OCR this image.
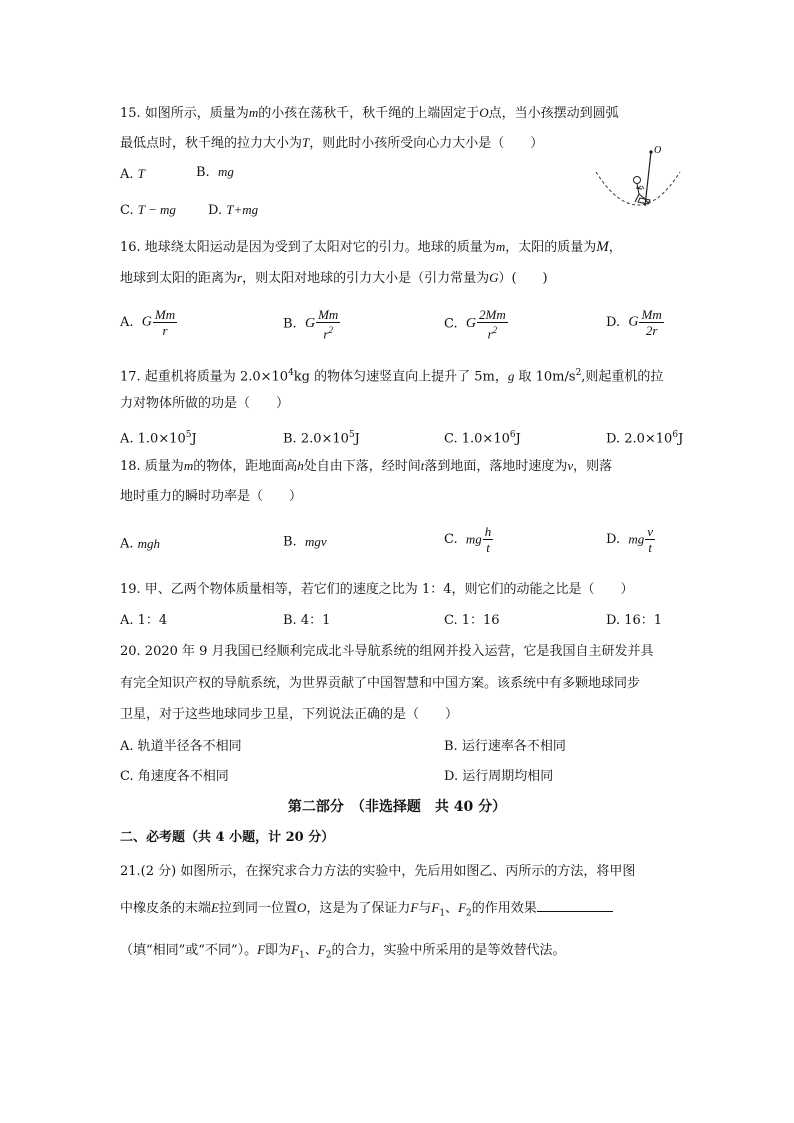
15. 如图所示，质量为m的小孩在荡秋千，秋千绳的上端固定于O点，当小孩摆动到圆弧
最低点时，秋千绳的拉力大小为T，则此时小孩所受向心力大小是（　　）
A. T	B. mg
C. T − mg D. T+mg
O
16. 地球绕太阳运动是因为受到了太阳对它的引力。地球的质量为m，太阳的质量为M，
地球到太阳的距离为r，则太阳对地球的引力大小是（引力常量为G）(　　)
A. G $\frac{Mm}{r}$	B. G $\frac{Mm}{r^2}$	C. G $\frac{2Mm}{r^2}$	D. G $\frac{Mm}{2r}$
17. 起重机将质量为 $2.0\times 10^4kg$ 的物体匀速竖直向上提升了 5m，g 取 $10m/s^2$,则起重机的拉
力对物体所做的功是（　　）
A. $1.0\times 10^5J$	B. $2.0\times 10^5J$	C. $1.0\times 10^6J$	D. $2.0\times 10^6J$
18. 质量为m的物体，距地面高h处自由下落，经时间t落到地面，落地时速度为v，则落
地时重力的瞬时功率是（　　）
A. mgh	B. mgv	C. mg $\frac{h}{t}$	D. mg $\frac{v}{t}$
19. 甲、乙两个物体质量相等，若它们的速度之比为 1：4，则它们的动能之比是（　　）
A. 1：4	B. 4：1	C. 1：16	D. 16：1
20. 2020 年 9 月我国已经顺利完成北斗导航系统的组网并投入运营，它是我国自主研发并具
有完全知识产权的导航系统，为世界贡献了中国智慧和中国方案。该系统中有多颗地球同步
卫星，对于这些地球同步卫星，下列说法正确的是（　　）
A. 轨道半径各不相同	B. 运行速率各不相同
C. 角速度各不相同	D. 运行周期均相同
第二部分　（非选择题　共 40 分）
二、必考题（共 4 小题，计 20 分）
21.(2 分) 如图所示，在探究求合力方法的实验中，先后用如图乙、丙所示的方法，将甲图
中橡皮条的末端E拉到同一位置O，这是为了保证力F与$F_1$、$F_2$的作用效果
（填“相同”或“不同”）。F即为$F_1$、$F_2$的合力，实验中所采用的是等效替代法。
